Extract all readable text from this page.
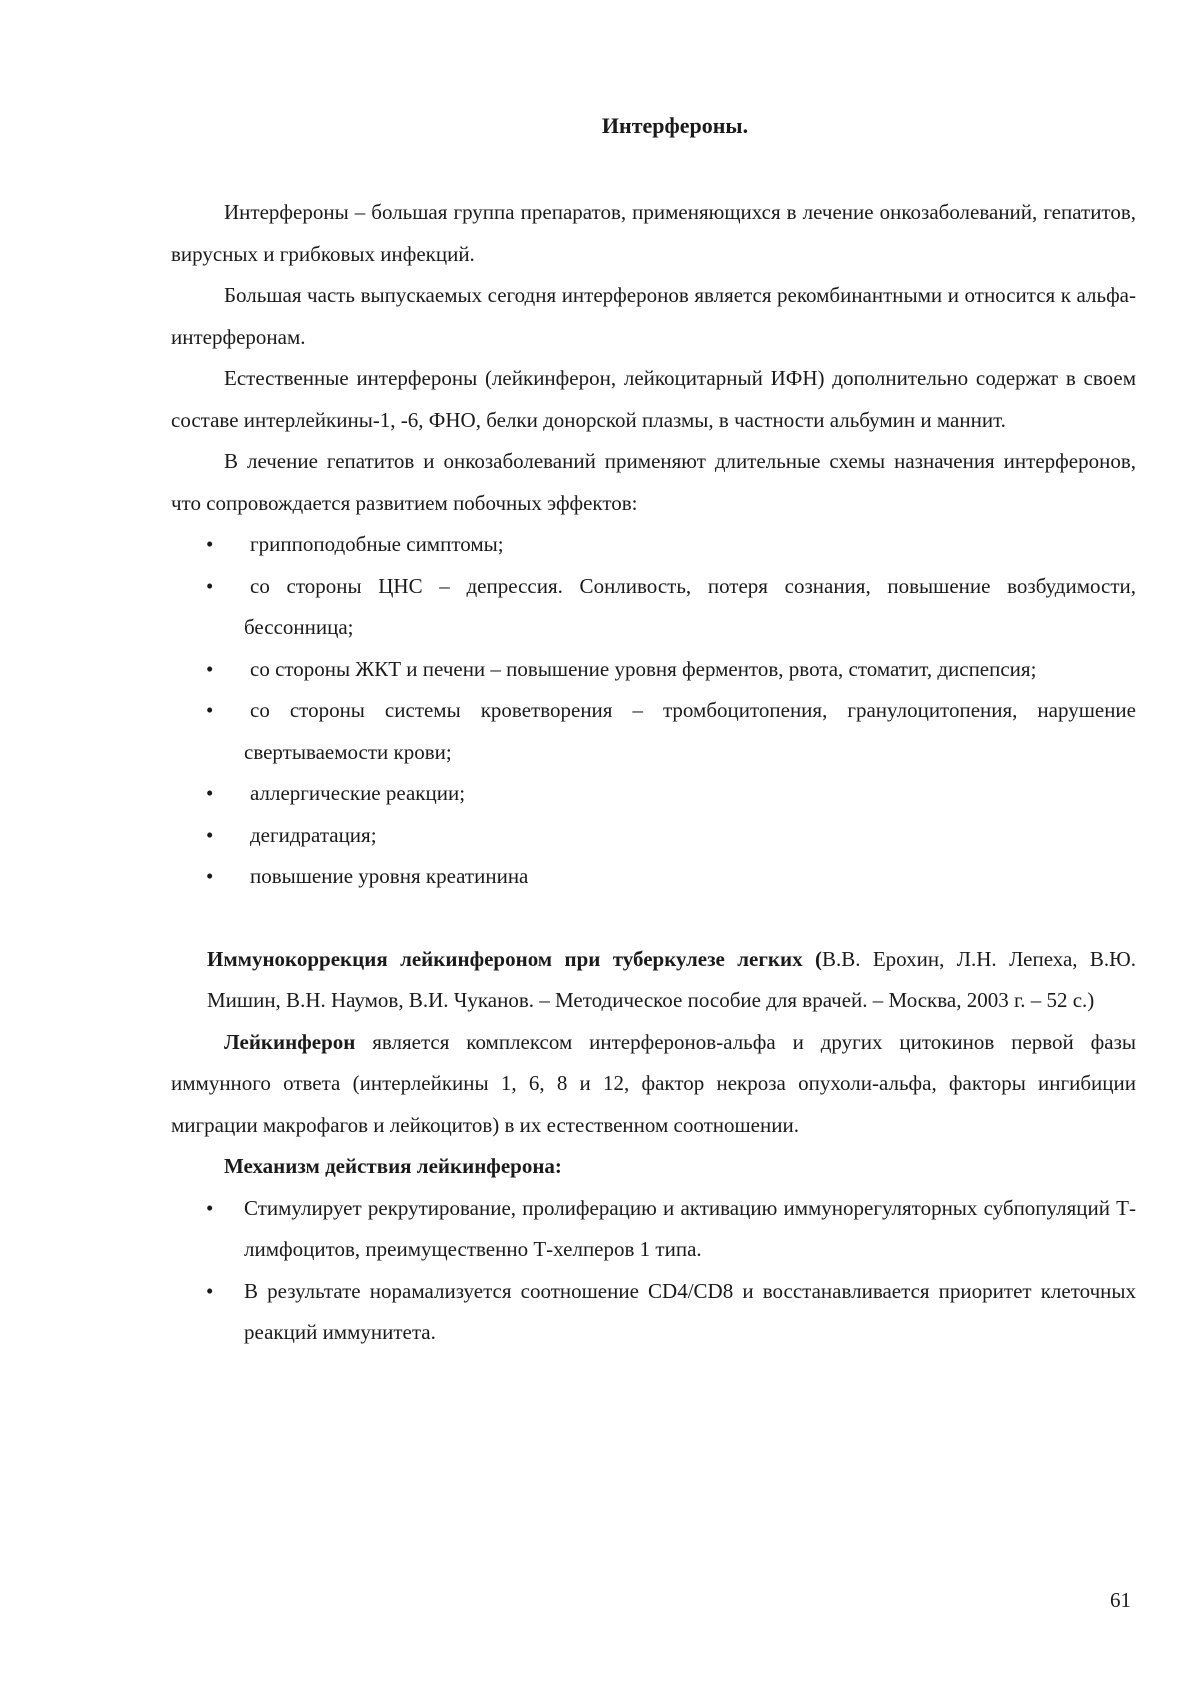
Интерфероны.

Интерфероны – большая группа препаратов, применяющихся в лечение онкозаболеваний, гепатитов, вирусных и грибковых инфекций.

Большая часть выпускаемых сегодня интерферонов является рекомбинантными и относится к альфа-интерферонам.

Естественные интерфероны (лейкинферон, лейкоцитарный ИФН) дополнительно содержат в своем составе интерлейкины-1, -6, ФНО, белки донорской плазмы, в частности альбумин и маннит.

В лечение гепатитов и онкозаболеваний применяют длительные схемы назначения интерферонов, что сопровождается развитием побочных эффектов:

• гриппоподобные симптомы;
• со стороны ЦНС – депрессия. Сонливость, потеря сознания, повышение возбудимости, бессонница;
• со стороны ЖКТ и печени – повышение уровня ферментов, рвота, стоматит, диспепсия;
• со стороны системы кроветворения – тромбоцитопения, гранулоцитопения, нарушение свертываемости крови;
• аллергические реакции;
• дегидратация;
• повышение уровня креатинина

Иммунокоррекция лейкинфероном при туберкулезе легких (В.В. Ерохин, Л.Н. Лепеха, В.Ю. Мишин, В.Н. Наумов, В.И. Чуканов. – Методическое пособие для врачей. – Москва, 2003 г. – 52 с.)

Лейкинферон является комплексом интерферонов-альфа и других цитокинов первой фазы иммунного ответа (интерлейкины 1, 6, 8 и 12, фактор некроза опухоли-альфа, факторы ингибиции миграции макрофагов и лейкоцитов) в их естественном соотношении.

Механизм действия лейкинферона:

• Стимулирует рекрутирование, пролиферацию и активацию иммунорегуляторных субпопуляций Т-лимфоцитов, преимущественно Т-хелперов 1 типа.
• В результате норамализуется соотношение CD4/CD8 и восстанавливается приоритет клеточных реакций иммунитета.
61
